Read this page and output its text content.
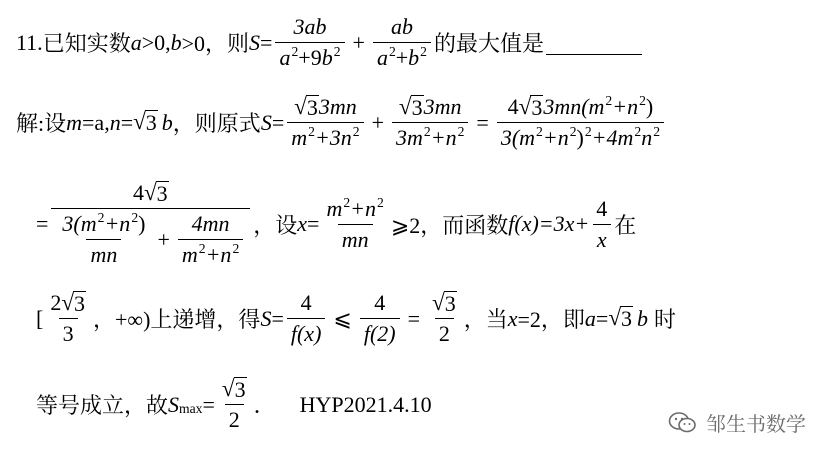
11. 已知实数 a >0, b >0，则 $S = \frac{3ab}{a^2+9b^2} + \frac{ab}{a^2+b^2}$ 的最大值是
解:设 m =a, n = √ 3 b ，则原式 $S = \frac{√ 3 3mn}{m^2+3n^2} + \frac{√ 3 3mn}{3m^2+n^2} = \frac{4 √ 3 3mn(m^2+n^2)}{3(m^2+n^2)^2+4m^2n^2}$
=
4 √ 3
$\frac{3(m^2+n^2)}{mn} + \frac{4mn}{m^2+n^2}$ ，设 $x = \frac{m^2+n^2}{mn}$ ⩾2，而函数 f $(x)=3x+ \frac{4}{x}$ 在
[ $\frac{2 √ 3}{3}$ ，+∞)上递增，得 $S = \frac{4}{f(x)}$ ⩽ $\frac{4}{f(2)} = \frac{√ 3}{2}$ ，当 x =2，即 a = √ 3 b 时
等号成立，故 S $\max = \frac{√ 3}{2}$ ． HYP2021.4.10
邹生书数学
